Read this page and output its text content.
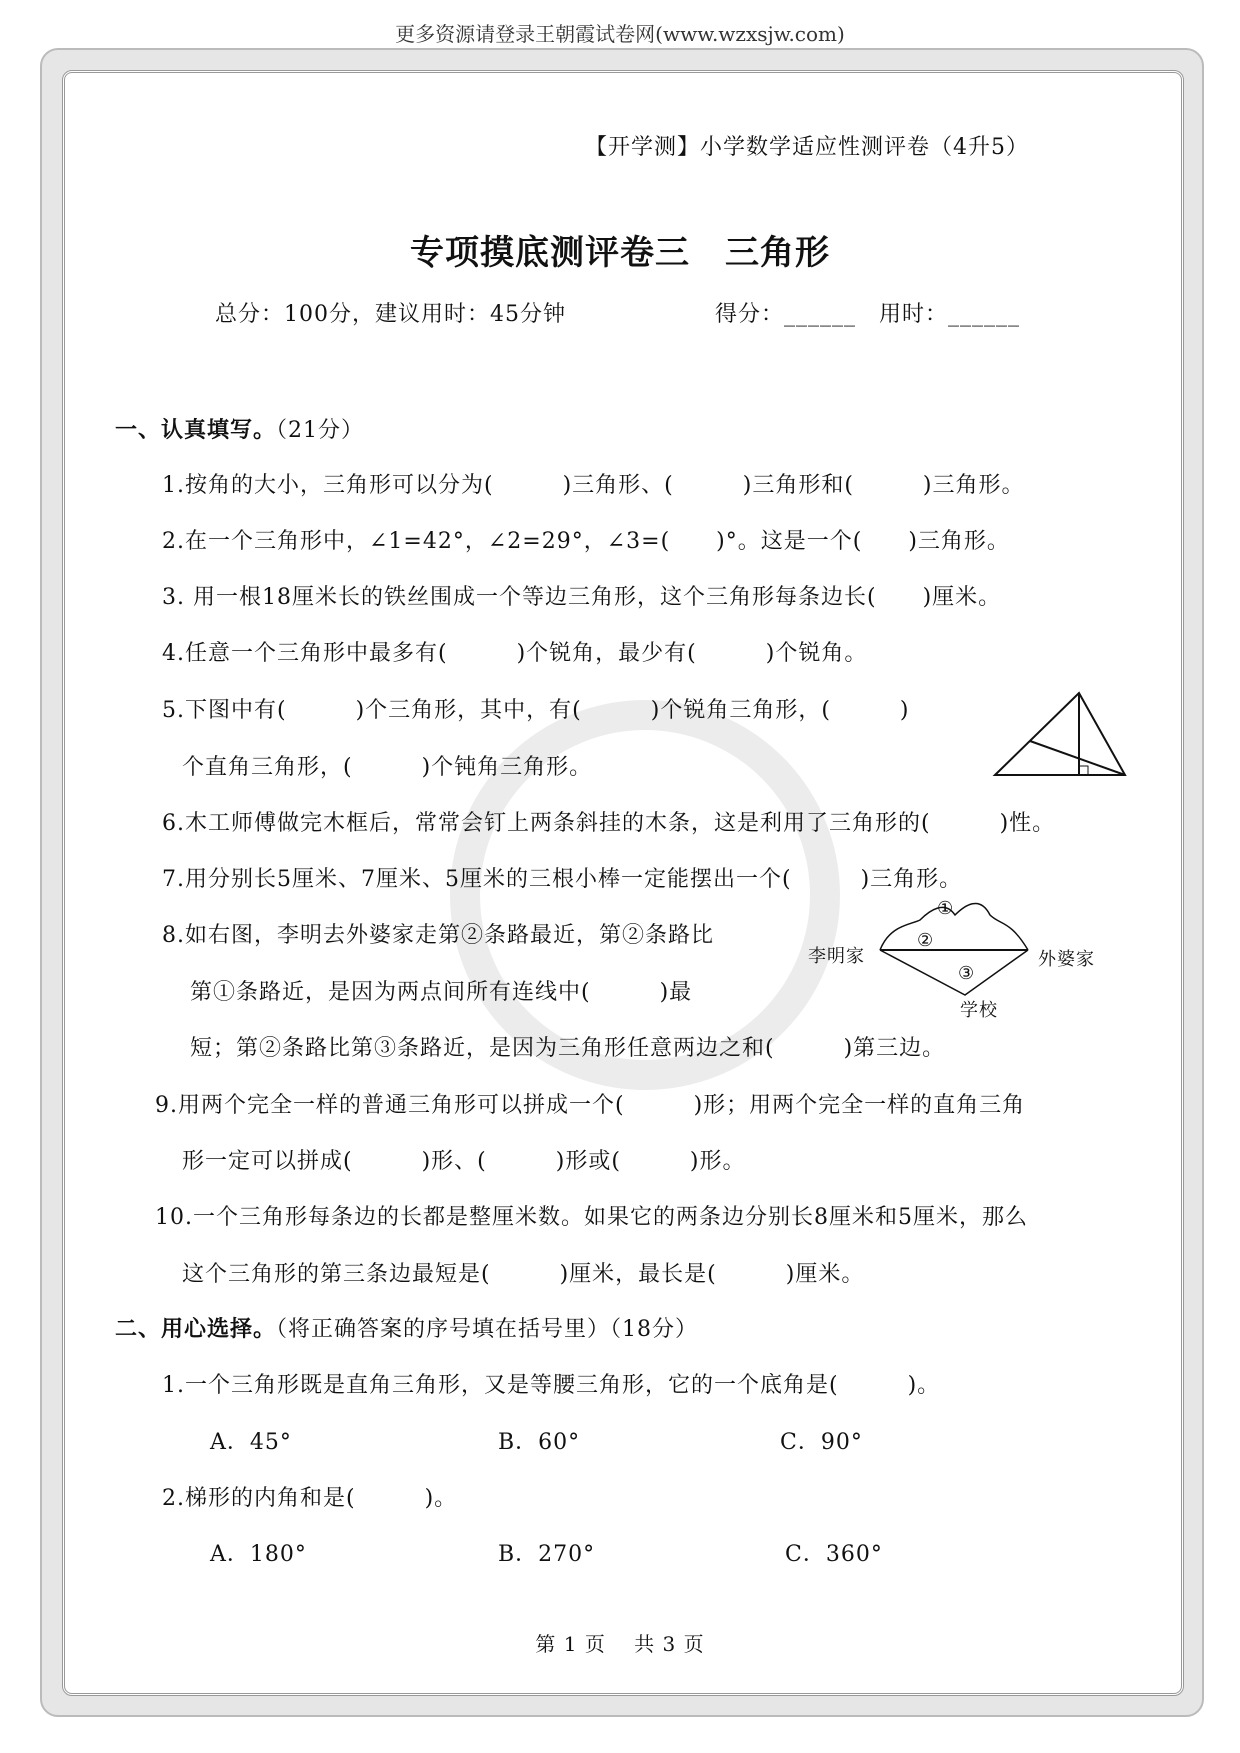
更多资源请登录王朝霞试卷网(www.wzxsjw.com)
【开学测】小学数学适应性测评卷（4升5）
专项摸底测评卷三　三角形
总分：100分，建议用时：45分钟	得分：______　用时：______
一、认真填写。（21分）
1.按角的大小，三角形可以分为(　　　)三角形、(　　　)三角形和(　　　)三角形。
2.在一个三角形中，∠1=42°，∠2=29°，∠3=(　　)°。这是一个(　　)三角形。
3. 用一根18厘米长的铁丝围成一个等边三角形，这个三角形每条边长(　　)厘米。
4.任意一个三角形中最多有(　　　)个锐角，最少有(　　　)个锐角。
5.下图中有(　　　)个三角形，其中，有(　　　)个锐角三角形，(　　　)
个直角三角形，(　　　)个钝角三角形。
6.木工师傅做完木框后，常常会钉上两条斜挂的木条，这是利用了三角形的(　　　)性。
7.用分别长5厘米、7厘米、5厘米的三根小棒一定能摆出一个(　　　)三角形。
8.如右图，李明去外婆家走第②条路最近，第②条路比
第①条路近，是因为两点间所有连线中(　　　)最
短；第②条路比第③条路近，是因为三角形任意两边之和(　　　)第三边。
9.用两个完全一样的普通三角形可以拼成一个(　　　)形；用两个完全一样的直角三角
形一定可以拼成(　　　)形、(　　　)形或(　　　)形。
10.一个三角形每条边的长都是整厘米数。如果它的两条边分别长8厘米和5厘米，那么
这个三角形的第三条边最短是(　　　)厘米，最长是(　　　)厘米。
二、用心选择。（将正确答案的序号填在括号里）（18分）
1.一个三角形既是直角三角形，又是等腰三角形，它的一个底角是(　　　)。
A．45°	B．60°	C．90°
2.梯形的内角和是(　　　)。
A．180°	B．270°	C．360°
李明家	外婆家
学校
①
②
③
第 1 页　 共 3 页
